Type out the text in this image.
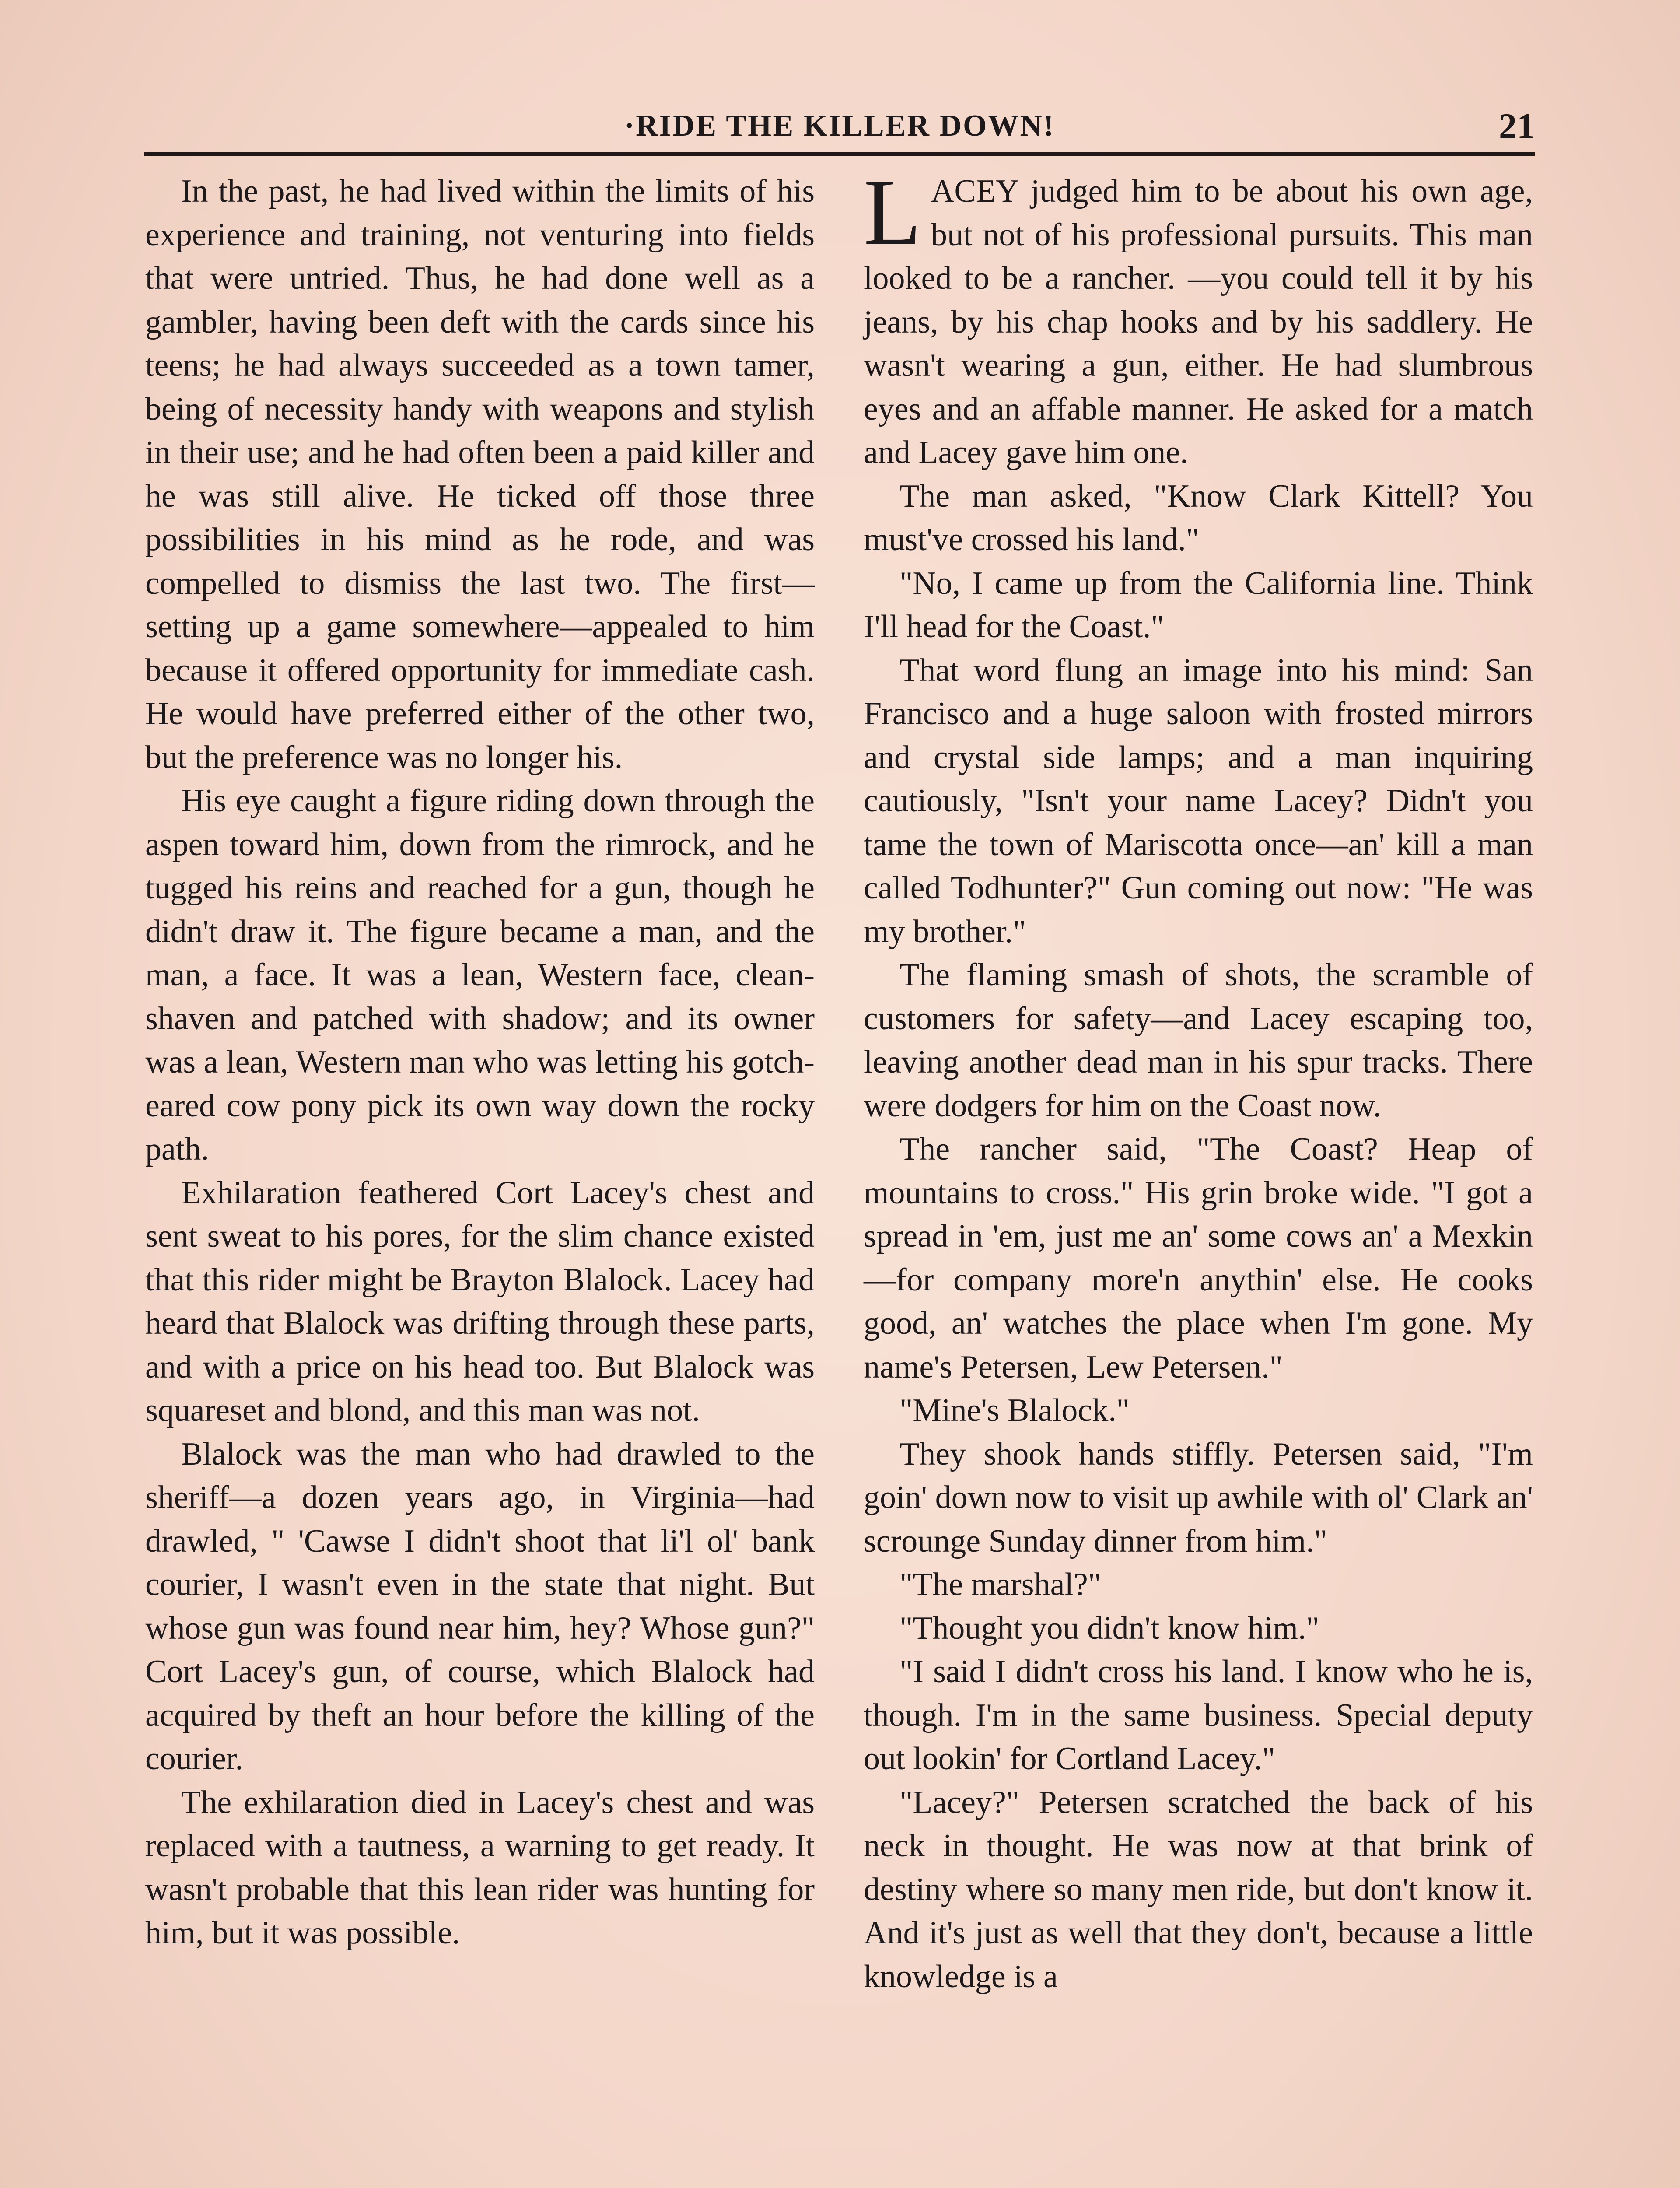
·RIDE THE KILLER DOWN!	21

In the past, he had lived within the limits of his experience and training, not venturing into fields that were untried. Thus, he had done well as a gambler, having been deft with the cards since his teens; he had always succeeded as a town tamer, being of necessity handy with weapons and stylish in their use; and he had often been a paid killer and he was still alive. He ticked off those three possibilities in his mind as he rode, and was compelled to dismiss the last two. The first—setting up a game somewhere—appealed to him because it offered opportunity for immediate cash. He would have preferred either of the other two, but the preference was no longer his.

His eye caught a figure riding down through the aspen toward him, down from the rimrock, and he tugged his reins and reached for a gun, though he didn't draw it. The figure became a man, and the man, a face. It was a lean, Western face, clean-shaven and patched with shadow; and its owner was a lean, Western man who was letting his gotch-eared cow pony pick its own way down the rocky path.

Exhilaration feathered Cort Lacey's chest and sent sweat to his pores, for the slim chance existed that this rider might be Brayton Blalock. Lacey had heard that Blalock was drifting through these parts, and with a price on his head too. But Blalock was squareset and blond, and this man was not.

Blalock was the man who had drawled to the sheriff—a dozen years ago, in Virginia—had drawled, " 'Cawse I didn't shoot that li'l ol' bank courier, I wasn't even in the state that night. But whose gun was found near him, hey? Whose gun?" Cort Lacey's gun, of course, which Blalock had acquired by theft an hour before the killing of the courier.

The exhilaration died in Lacey's chest and was replaced with a tautness, a warning to get ready. It wasn't probable that this lean rider was hunting for him, but it was possible.

LACEY judged him to be about his own age, but not of his professional pursuits. This man looked to be a rancher. —you could tell it by his jeans, by his chap hooks and by his saddlery. He wasn't wearing a gun, either. He had slumbrous eyes and an affable manner. He asked for a match and Lacey gave him one.

The man asked, "Know Clark Kittell? You must've crossed his land."

"No, I came up from the California line. Think I'll head for the Coast."

That word flung an image into his mind: San Francisco and a huge saloon with frosted mirrors and crystal side lamps; and a man inquiring cautiously, "Isn't your name Lacey? Didn't you tame the town of Mariscotta once—an' kill a man called Todhunter?" Gun coming out now: "He was my brother."

The flaming smash of shots, the scramble of customers for safety—and Lacey escaping too, leaving another dead man in his spur tracks. There were dodgers for him on the Coast now.

The rancher said, "The Coast? Heap of mountains to cross." His grin broke wide. "I got a spread in 'em, just me an' some cows an' a Mexkin—for company more'n anythin' else. He cooks good, an' watches the place when I'm gone. My name's Petersen, Lew Petersen."

"Mine's Blalock."

They shook hands stiffly. Petersen said, "I'm goin' down now to visit up awhile with ol' Clark an' scrounge Sunday dinner from him."

"The marshal?"

"Thought you didn't know him."

"I said I didn't cross his land. I know who he is, though. I'm in the same business. Special deputy out lookin' for Cortland Lacey."

"Lacey?" Petersen scratched the back of his neck in thought. He was now at that brink of destiny where so many men ride, but don't know it. And it's just as well that they don't, because a little knowledge is a
